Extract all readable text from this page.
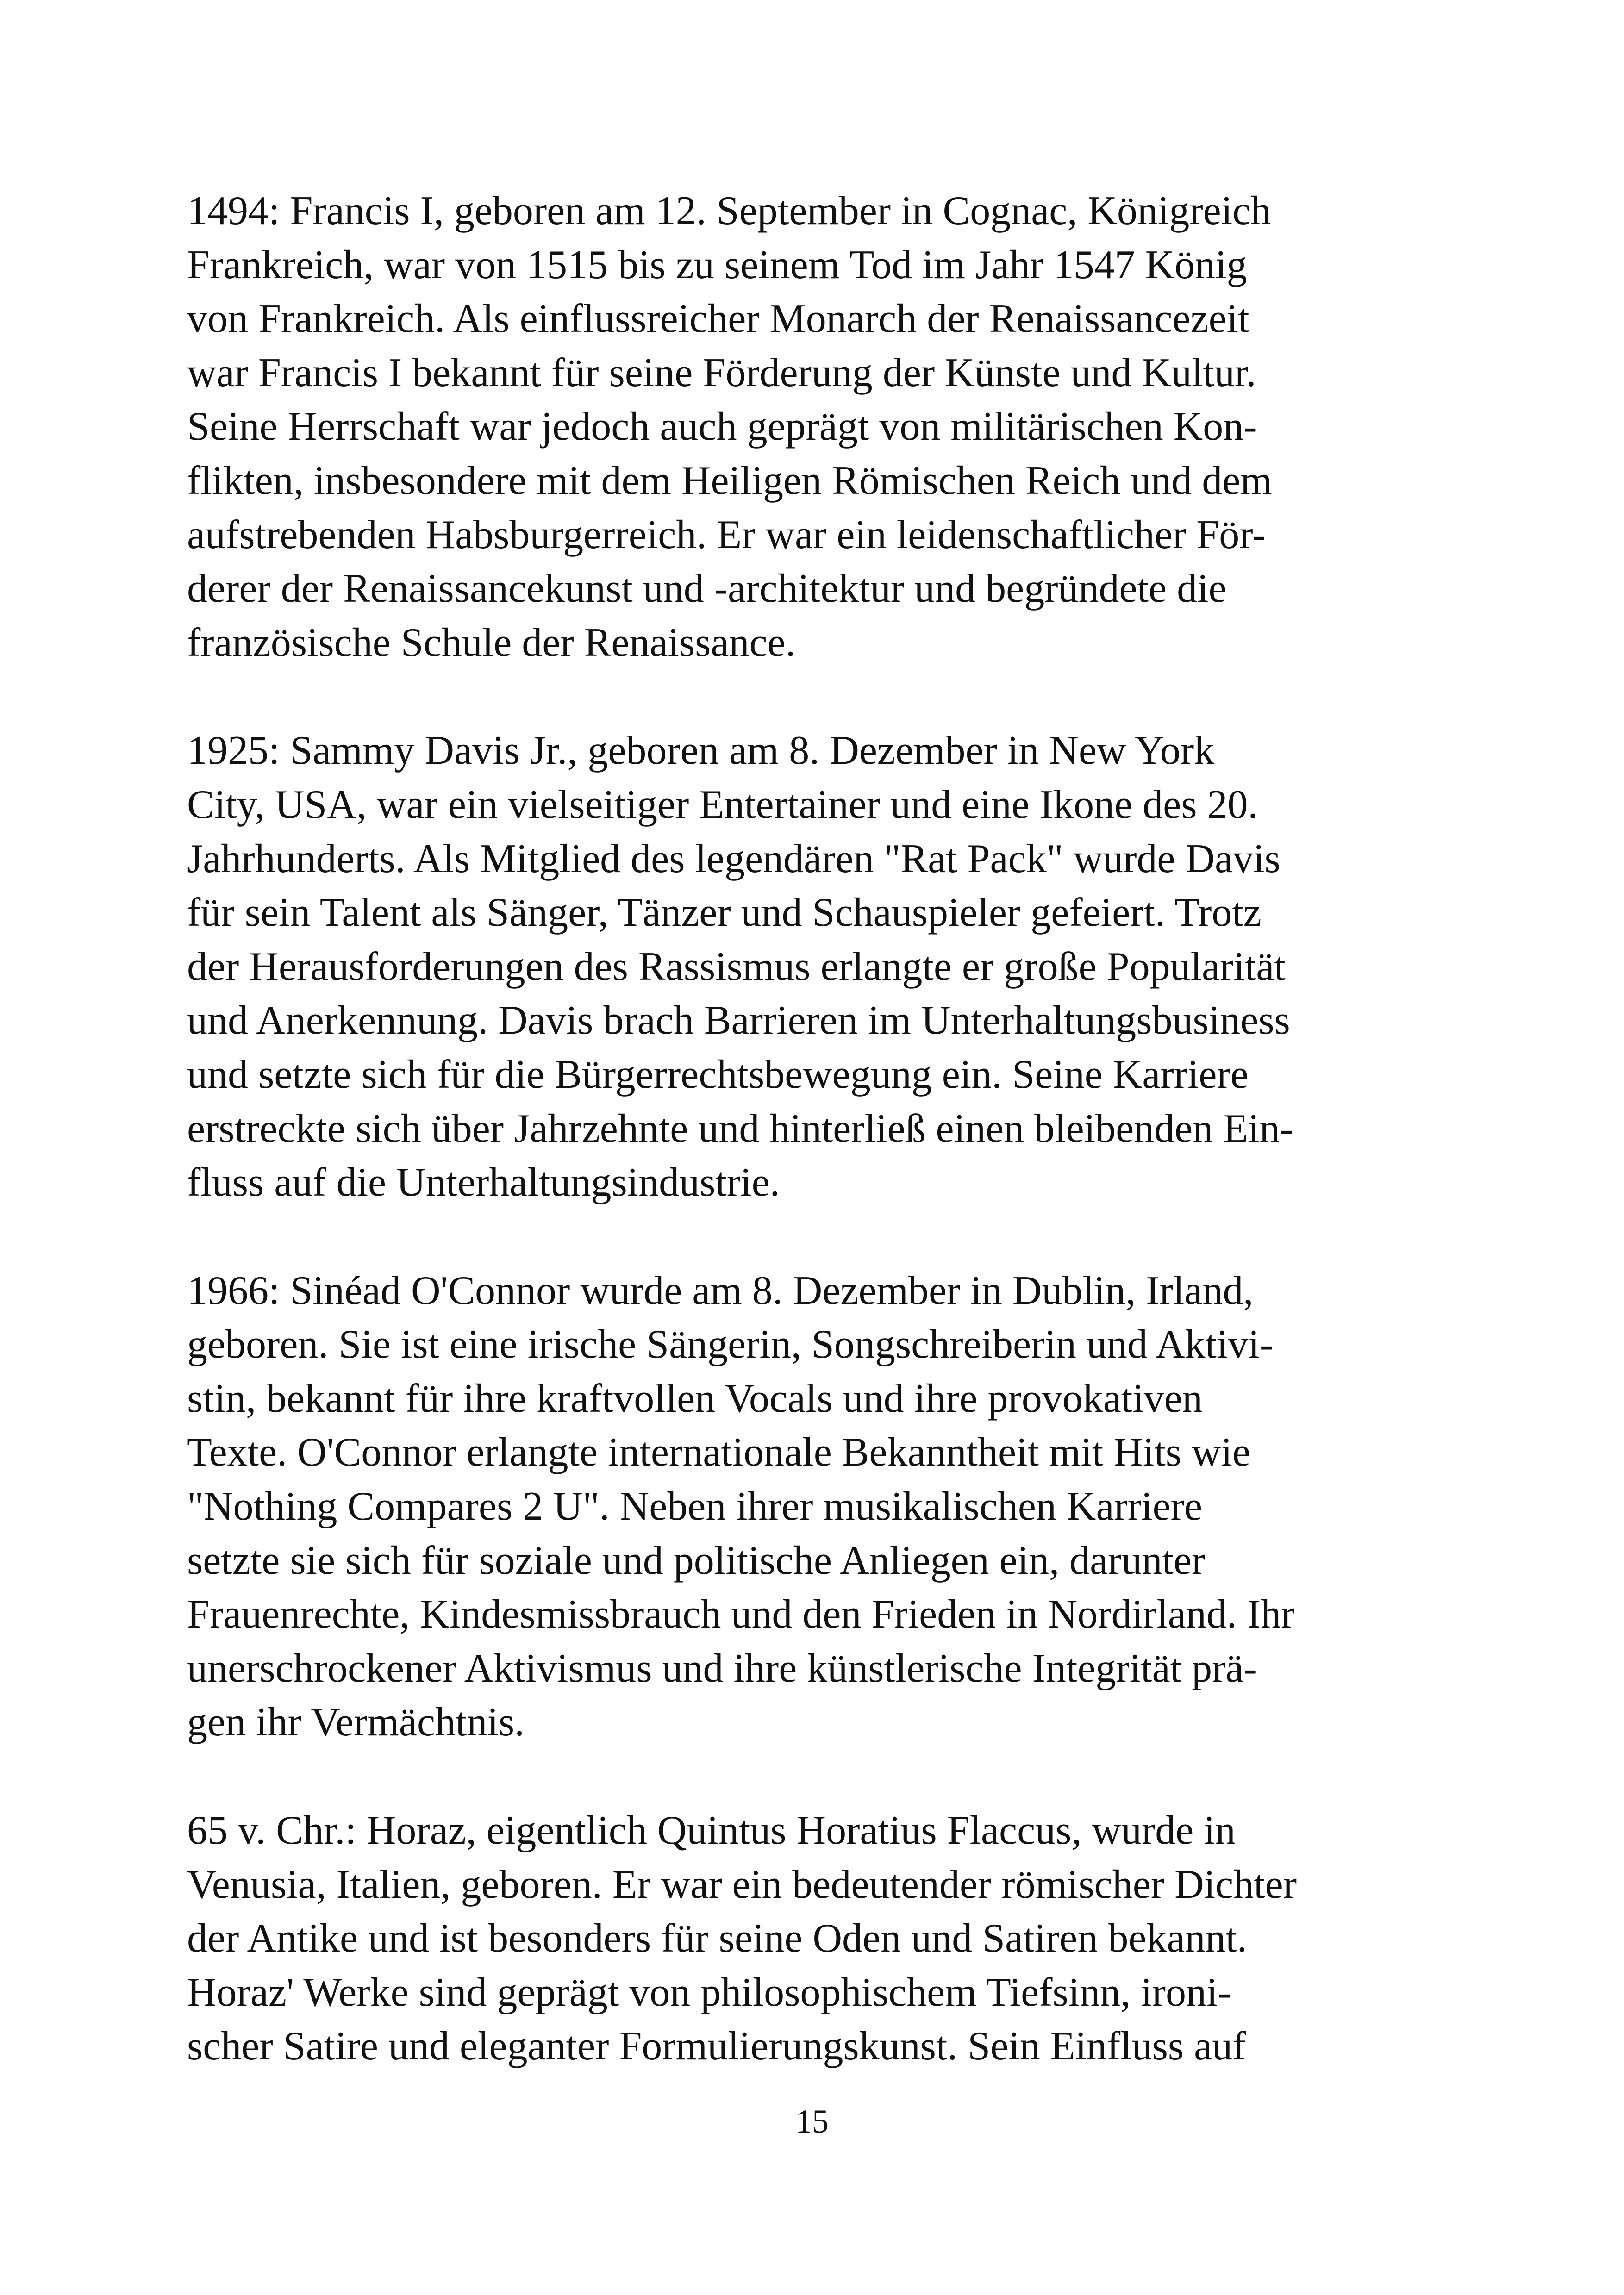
1494: Francis I, geboren am 12. September in Cognac, Königreich
Frankreich, war von 1515 bis zu seinem Tod im Jahr 1547 König
von Frankreich. Als einflussreicher Monarch der Renaissancezeit
war Francis I bekannt für seine Förderung der Künste und Kultur.
Seine Herrschaft war jedoch auch geprägt von militärischen Kon-
flikten, insbesondere mit dem Heiligen Römischen Reich und dem
aufstrebenden Habsburgerreich. Er war ein leidenschaftlicher För-
derer der Renaissancekunst und -architektur und begründete die
französische Schule der Renaissance.

1925: Sammy Davis Jr., geboren am 8. Dezember in New York
City, USA, war ein vielseitiger Entertainer und eine Ikone des 20.
Jahrhunderts. Als Mitglied des legendären "Rat Pack" wurde Davis
für sein Talent als Sänger, Tänzer und Schauspieler gefeiert. Trotz
der Herausforderungen des Rassismus erlangte er große Popularität
und Anerkennung. Davis brach Barrieren im Unterhaltungsbusiness
und setzte sich für die Bürgerrechtsbewegung ein. Seine Karriere
erstreckte sich über Jahrzehnte und hinterließ einen bleibenden Ein-
fluss auf die Unterhaltungsindustrie.

1966: Sinéad O'Connor wurde am 8. Dezember in Dublin, Irland,
geboren. Sie ist eine irische Sängerin, Songschreiberin und Aktivi-
stin, bekannt für ihre kraftvollen Vocals und ihre provokativen
Texte. O'Connor erlangte internationale Bekanntheit mit Hits wie
"Nothing Compares 2 U". Neben ihrer musikalischen Karriere
setzte sie sich für soziale und politische Anliegen ein, darunter
Frauenrechte, Kindesmissbrauch und den Frieden in Nordirland. Ihr
unerschrockener Aktivismus und ihre künstlerische Integrität prä-
gen ihr Vermächtnis.

65 v. Chr.: Horaz, eigentlich Quintus Horatius Flaccus, wurde in
Venusia, Italien, geboren. Er war ein bedeutender römischer Dichter
der Antike und ist besonders für seine Oden und Satiren bekannt.
Horaz' Werke sind geprägt von philosophischem Tiefsinn, ironi-
scher Satire und eleganter Formulierungskunst. Sein Einfluss auf

15
